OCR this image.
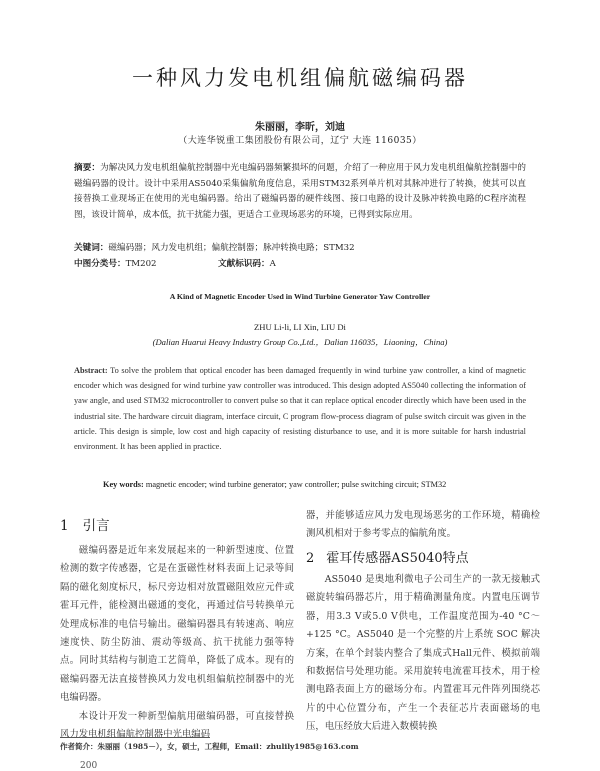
一种风力发电机组偏航磁编码器
朱丽丽，李昕，刘迪
（大连华锐重工集团股份有限公司，辽宁 大连 116035）
摘要：为解决风力发电机组偏航控制器中光电编码器频繁损坏的问题，介绍了一种应用于风力发电机组偏航控制器中的磁编码器的设计。设计中采用AS5040采集偏航角度信息，采用STM32系列单片机对其脉冲进行了转换，使其可以直接替换工业现场正在使用的光电编码器。给出了磁编码器的硬件线图、接口电路的设计及脉冲转换电路的C程序流程图，该设计简单，成本低，抗干扰能力强，更适合工业现场恶劣的环境，已得到实际应用。
关键词：磁编码器；风力发电机组；偏航控制器；脉冲转换电路；STM32
中图分类号：TM202	文献标识码：A
A Kind of Magnetic Encoder Used in Wind Turbine Generator Yaw Controller
ZHU Li-li, LI Xin, LIU Di
(Dalian Huarui Heavy Industry Group Co.,Ltd.，Dalian 116035，Liaoning，China)
Abstract: To solve the problem that optical encoder has been damaged frequently in wind turbine yaw controller, a kind of magnetic encoder which was designed for wind turbine yaw controller was introduced. This design adopted AS5040 collecting the information of yaw angle, and used STM32 microcontroller to convert pulse so that it can replace optical encoder directly which have been used in the industrial site. The hardware circuit diagram, interface circuit, C program flow-process diagram of pulse switch circuit was given in the article. This design is simple, low cost and high capacity of resisting disturbance to use, and it is more suitable for harsh industrial environment. It has been applied in practice.
Key words: magnetic encoder; wind turbine generator; yaw controller; pulse switching circuit; STM32
1 引言

磁编码器是近年来发展起来的一种新型速度、位置检测的数字传感器，它是在蛋磁性材料表面上记录等间隔的磁化刻度标尺，标尺旁边相对放置磁阻效应元件或霍耳元件，能检测出磁通的变化，再通过信号转换单元处理成标准的电信号输出。磁编码器具有转速高、响应速度快、防尘防油、震动等级高、抗干扰能力强等特点。同时其结构与制造工艺简单，降低了成本。现有的磁编码器无法直接替换风力发电机组偏航控制器中的光电编码器。

本设计开发一种新型偏航用磁编码器，可直接替换风力发电机组偏航控制器中光电编码

器，并能够适应风力发电现场恶劣的工作环境，精确检测风机相对于参考零点的偏航角度。

2 霍耳传感器AS5040特点

AS5040 是奥地利微电子公司生产的一款无接触式磁旋转编码器芯片，用于精确测量角度。内置电压调节器，用3.3 V或5.0 V供电，工作温度范围为-40 °C～+125 °C。AS5040 是一个完整的片上系统 SOC 解决方案，在单个封装内整合了集成式Hall元件、模拟前端和数据信号处理功能。采用旋转电流霍耳技术，用于检测电路表面上方的磁场分布。内置霍耳元件阵列围绕芯片的中心位置分布，产生一个表征芯片表面磁场的电压，电压经放大后进入数模转换

作者简介：朱丽丽（1985－），女，硕士，工程师，Email：zhulily1985@163.com
200
